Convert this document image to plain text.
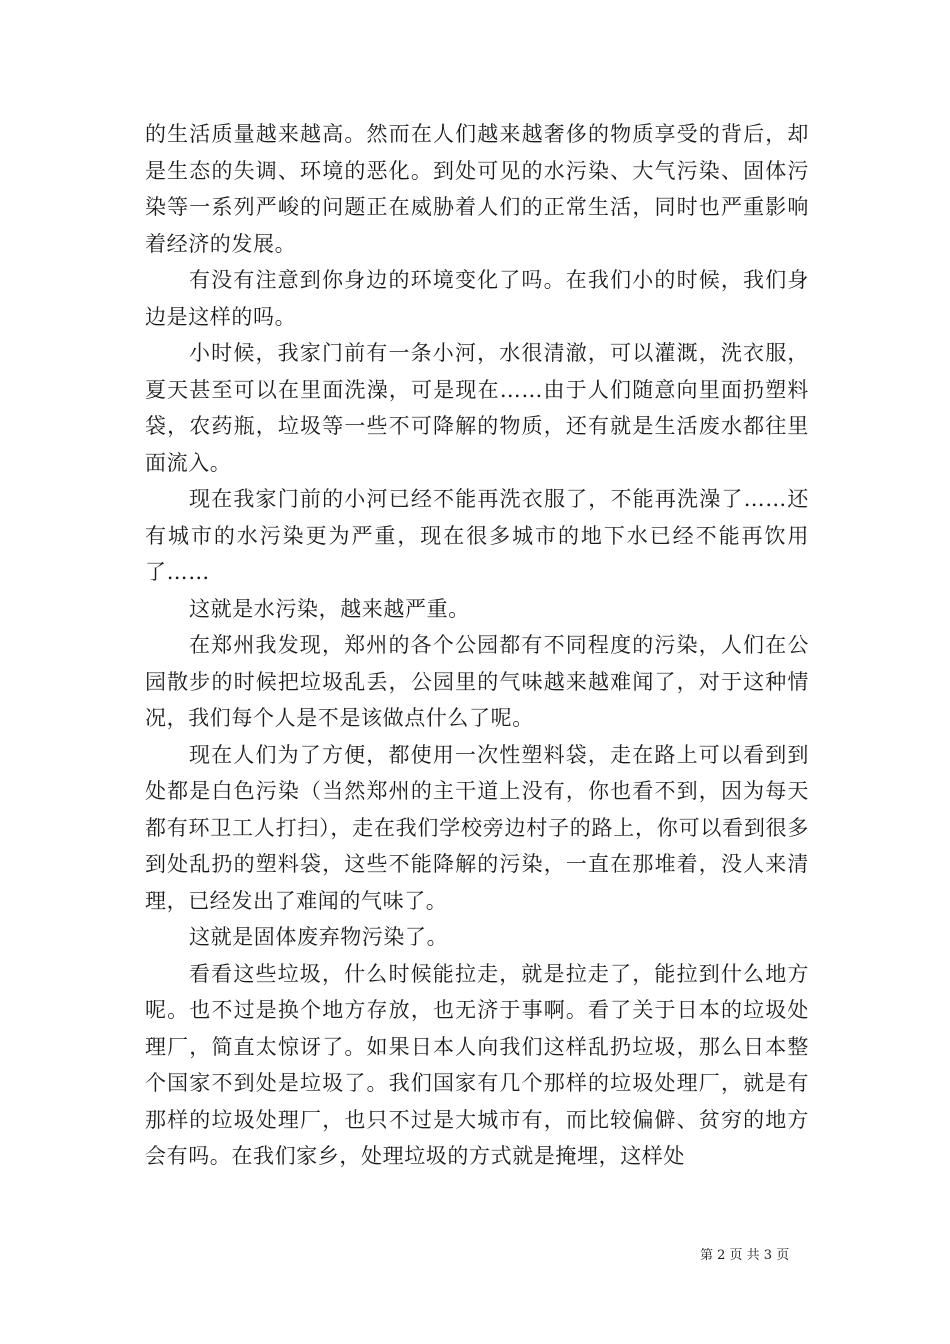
的生活质量越来越高。然而在人们越来越奢侈的物质享受的背后，却是生态的失调、环境的恶化。到处可见的水污染、大气污染、固体污染等一系列严峻的问题正在威胁着人们的正常生活，同时也严重影响着经济的发展。

有没有注意到你身边的环境变化了吗。在我们小的时候，我们身边是这样的吗。

小时候，我家门前有一条小河，水很清澈，可以灌溉，洗衣服，夏天甚至可以在里面洗澡，可是现在……由于人们随意向里面扔塑料袋，农药瓶，垃圾等一些不可降解的物质，还有就是生活废水都往里面流入。

现在我家门前的小河已经不能再洗衣服了，不能再洗澡了……还有城市的水污染更为严重，现在很多城市的地下水已经不能再饮用了……

这就是水污染，越来越严重。

在郑州我发现，郑州的各个公园都有不同程度的污染，人们在公园散步的时候把垃圾乱丢，公园里的气味越来越难闻了，对于这种情况，我们每个人是不是该做点什么了呢。

现在人们为了方便，都使用一次性塑料袋，走在路上可以看到到处都是白色污染（当然郑州的主干道上没有，你也看不到，因为每天都有环卫工人打扫），走在我们学校旁边村子的路上，你可以看到很多到处乱扔的塑料袋，这些不能降解的污染，一直在那堆着，没人来清理，已经发出了难闻的气味了。

这就是固体废弃物污染了。

看看这些垃圾，什么时候能拉走，就是拉走了，能拉到什么地方呢。也不过是换个地方存放，也无济于事啊。看了关于日本的垃圾处理厂，简直太惊讶了。如果日本人向我们这样乱扔垃圾，那么日本整个国家不到处是垃圾了。我们国家有几个那样的垃圾处理厂，就是有那样的垃圾处理厂，也只不过是大城市有，而比较偏僻、贫穷的地方会有吗。在我们家乡，处理垃圾的方式就是掩埋，这样处

第 2 页 共 3 页
